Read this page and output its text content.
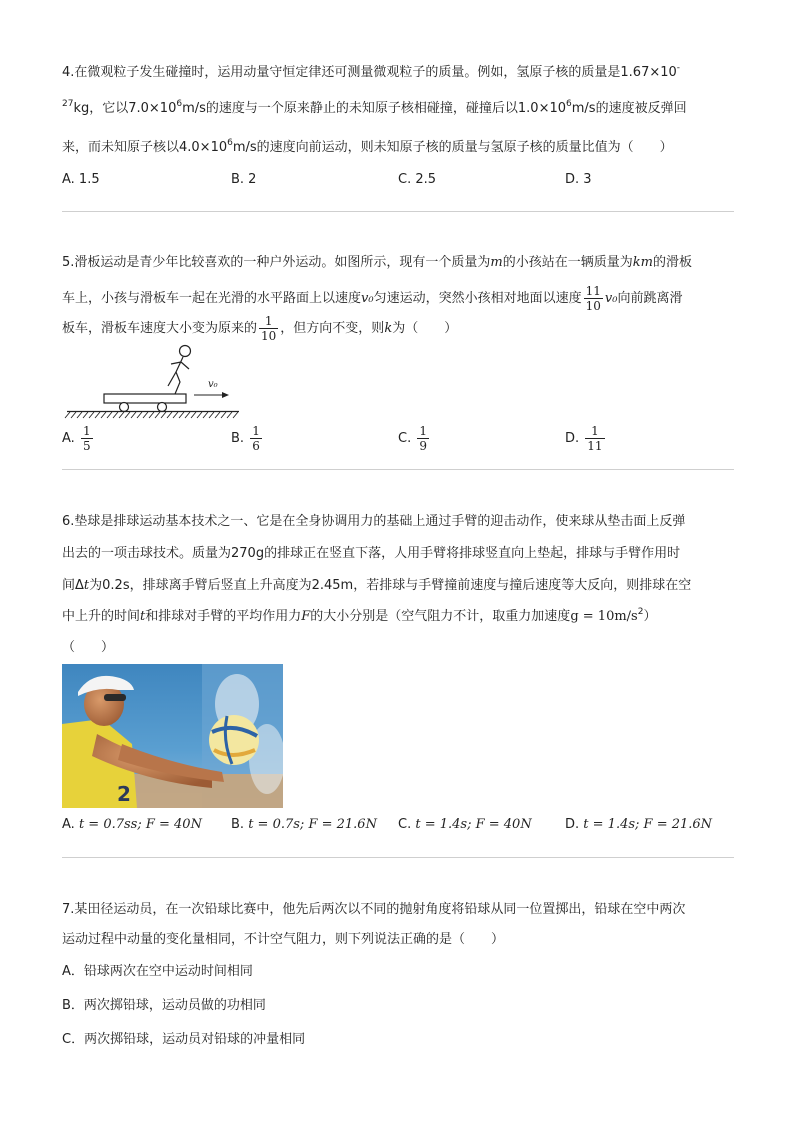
4.在微观粒子发生碰撞时，运用动量守恒定律还可测量微观粒子的质量。例如，氢原子核的质量是1.67×10-
$^{27}$kg，它以$7.0\times 10^6m/s$的速度与一个原来静止的未知原子核相碰撞，碰撞后以$1.0\times 10^6m/s$的速度被反弹回
来，而未知原子核以$4.0\times 10^6m/s$的速度向前运动，则未知原子核的质量与氢原子核的质量比值为（　　）
A. 1.5	B. 2	C. 2.5	D. 3
5.滑板运动是青少年比较喜欢的一种户外运动。如图所示，现有一个质量为m的小孩站在一辆质量为km的滑板
车上，小孩与滑板车一起在光滑的水平路面上以速度v₀匀速运动，突然小孩相对地面以速度 $\frac{11}{10} v_0$向前跳离滑
板车，滑板车速度大小变为原来的 $\frac{1}{10}$ ，但方向不变，则k为（　　）
v₀
A. $\frac{1}{5}$	B. $\frac{1}{6}$	C. $\frac{1}{9}$	D. $\frac{1}{11}$
6.垫球是排球运动基本技术之一、它是在全身协调用力的基础上通过手臂的迎击动作，使来球从垫击面上反弹
出去的一项击球技术。质量为270g的排球正在竖直下落，人用手臂将排球竖直向上垫起，排球与手臂作用时
间Δt为0.2s，排球离手臂后竖直上升高度为2.45m，若排球与手臂撞前速度与撞后速度等大反向，则排球在空
中上升的时间t和排球对手臂的平均作用力F的大小分别是（空气阻力不计，取重力加速度$g = 10m/s^2$）
（　　）
2
A. t = 0.7ss; F = 40N B. t = 0.7s; F = 21.6N C. t = 1.4s; F = 40N	D. t = 1.4s; F = 21.6N
7.某田径运动员，在一次铅球比赛中，他先后两次以不同的抛射角度将铅球从同一位置掷出，铅球在空中两次
运动过程中动量的变化量相同，不计空气阻力，则下列说法正确的是（　　）
A．铅球两次在空中运动时间相同
B．两次掷铅球，运动员做的功相同
C．两次掷铅球，运动员对铅球的冲量相同
